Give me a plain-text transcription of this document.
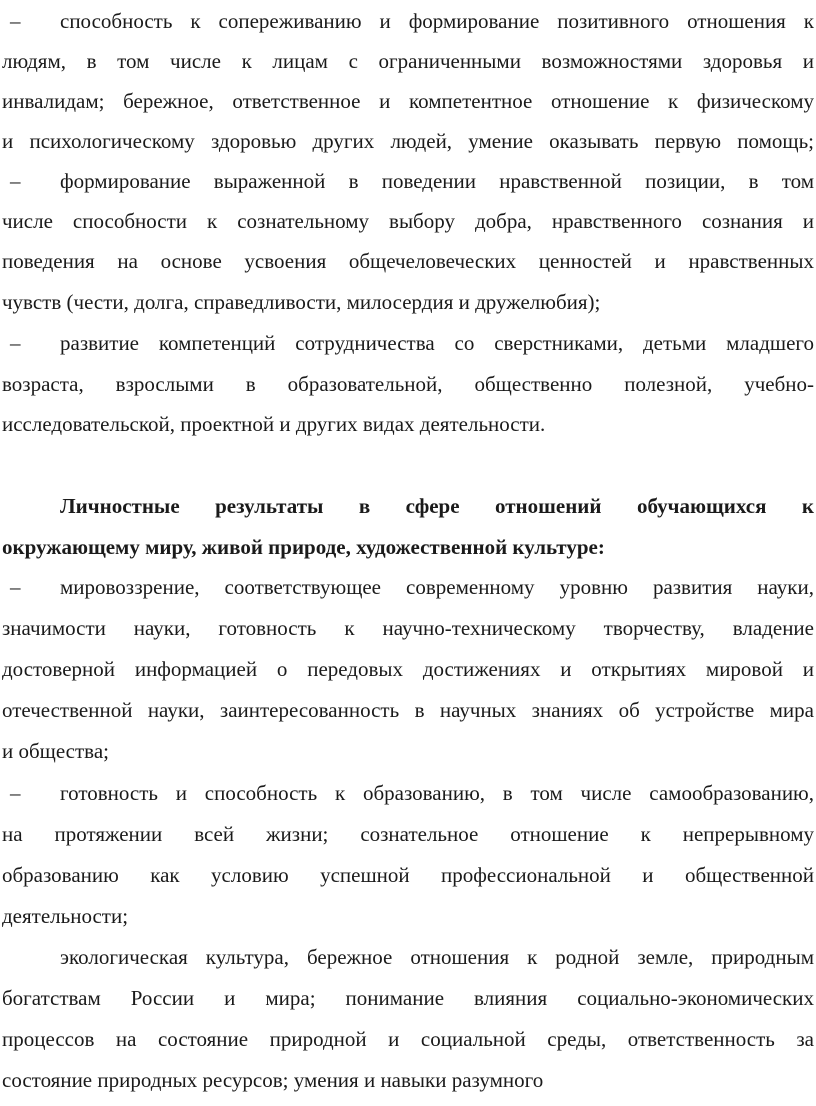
–	способность к сопереживанию и формирование позитивного отношения к
людям, в том числе к лицам с ограниченными возможностями здоровья и
инвалидам; бережное, ответственное и компетентное отношение к физическому
и психологическому здоровью других людей, умение оказывать первую помощь;
–	формирование выраженной в поведении нравственной позиции, в том
числе способности к сознательному выбору добра, нравственного сознания и
поведения на основе усвоения общечеловеческих ценностей и нравственных
чувств (чести, долга, справедливости, милосердия и дружелюбия);
–	развитие компетенций сотрудничества со сверстниками, детьми младшего
возраста, взрослыми в образовательной, общественно полезной, учебно-
исследовательской, проектной и других видах деятельности.
Личностные результаты в сфере отношений обучающихся к
окружающему миру, живой природе, художественной культуре:
–	мировоззрение, соответствующее современному уровню развития науки,
значимости науки, готовность к научно-техническому творчеству, владение
достоверной информацией о передовых достижениях и открытиях мировой и
отечественной науки, заинтересованность в научных знаниях об устройстве мира
и общества;
–	готовность и способность к образованию, в том числе самообразованию,
на протяжении всей жизни; сознательное отношение к непрерывному
образованию как условию успешной профессиональной и общественной
деятельности;
экологическая культура, бережное отношения к родной земле, природным
богатствам России и мира; понимание влияния социально-экономических
процессов на состояние природной и социальной среды, ответственность за
состояние природных ресурсов; умения и навыки разумного
